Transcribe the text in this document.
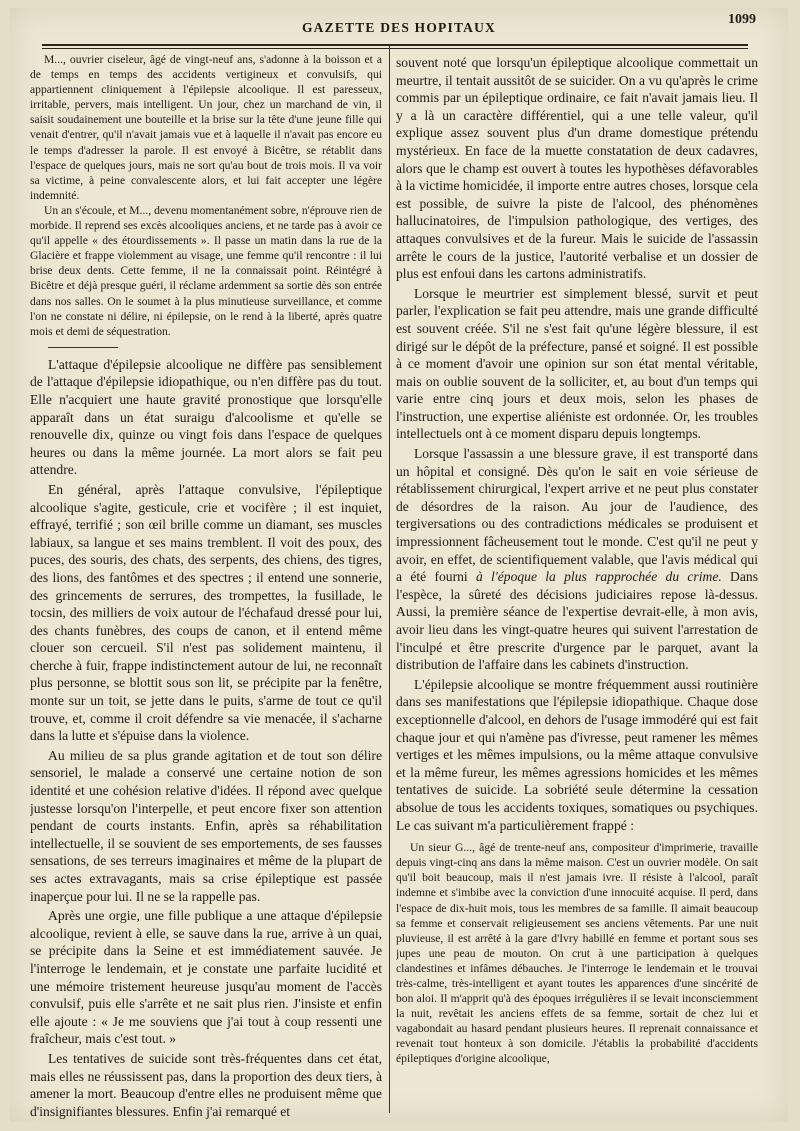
GAZETTE DES HOPITAUX
1099

M..., ouvrier ciseleur, âgé de vingt-neuf ans, s'adonne à la boisson et a de temps en temps des accidents vertigineux et convulsifs, qui appartiennent cliniquement à l'épilepsie alcoolique. Il est paresseux, irritable, pervers, mais intelligent. Un jour, chez un marchand de vin, il saisit soudainement une bouteille et la brise sur la tête d'une jeune fille qui venait d'entrer, qu'il n'avait jamais vue et à laquelle il n'avait pas encore eu le temps d'adresser la parole. Il est envoyé à Bicêtre, se rétablit dans l'espace de quelques jours, mais ne sort qu'au bout de trois mois. Il va voir sa victime, à peine convalescente alors, et lui fait accepter une légère indemnité.

Un an s'écoule, et M..., devenu momentanément sobre, n'éprouve rien de morbide. Il reprend ses excès alcooliques anciens, et ne tarde pas à avoir ce qu'il appelle « des étourdissements ». Il passe un matin dans la rue de la Glacière et frappe violemment au visage, une femme qu'il rencontre : il lui brise deux dents. Cette femme, il ne la connaissait point. Réintégré à Bicêtre et déjà presque guéri, il réclame ardemment sa sortie dès son entrée dans nos salles. On le soumet à la plus minutieuse surveillance, et comme l'on ne constate ni délire, ni épilepsie, on le rend à la liberté, après quatre mois et demi de séquestration.

L'attaque d'épilepsie alcoolique ne diffère pas sensiblement de l'attaque d'épilepsie idiopathique, ou n'en diffère pas du tout. Elle n'acquiert une haute gravité pronostique que lorsqu'elle apparaît dans un état suraigu d'alcoolisme et qu'elle se renouvelle dix, quinze ou vingt fois dans l'espace de quelques heures ou dans la même journée. La mort alors se fait peu attendre.

En général, après l'attaque convulsive, l'épileptique alcoolique s'agite, gesticule, crie et vocifère ; il est inquiet, effrayé, terrifié ; son œil brille comme un diamant, ses muscles labiaux, sa langue et ses mains tremblent. Il voit des poux, des puces, des souris, des chats, des serpents, des chiens, des tigres, des lions, des fantômes et des spectres ; il entend une sonnerie, des grincements de serrures, des trompettes, la fusillade, le tocsin, des milliers de voix autour de l'échafaud dressé pour lui, des chants funèbres, des coups de canon, et il entend même clouer son cercueil. S'il n'est pas solidement maintenu, il cherche à fuir, frappe indistinctement autour de lui, ne reconnaît plus personne, se blottit sous son lit, se précipite par la fenêtre, monte sur un toit, se jette dans le puits, s'arme de tout ce qu'il trouve, et, comme il croit défendre sa vie menacée, il s'acharne dans la lutte et s'épuise dans la violence.

Au milieu de sa plus grande agitation et de tout son délire sensoriel, le malade a conservé une certaine notion de son identité et une cohésion relative d'idées. Il répond avec quelque justesse lorsqu'on l'interpelle, et peut encore fixer son attention pendant de courts instants. Enfin, après sa réhabilitation intellectuelle, il se souvient de ses emportements, de ses fausses sensations, de ses terreurs imaginaires et même de la plupart de ses actes extravagants, mais sa crise épileptique est passée inaperçue pour lui. Il ne se la rappelle pas.

Après une orgie, une fille publique a une attaque d'épilepsie alcoolique, revient à elle, se sauve dans la rue, arrive à un quai, se précipite dans la Seine et est immédiatement sauvée. Je l'interroge le lendemain, et je constate une parfaite lucidité et une mémoire tristement heureuse jusqu'au moment de l'accès convulsif, puis elle s'arrête et ne sait plus rien. J'insiste et enfin elle ajoute : « Je me souviens que j'ai tout à coup ressenti une fraîcheur, mais c'est tout. »

Les tentatives de suicide sont très-fréquentes dans cet état, mais elles ne réussissent pas, dans la proportion des deux tiers, à amener la mort. Beaucoup d'entre elles ne produisent même que d'insignifiantes blessures. Enfin j'ai remarqué et

souvent noté que lorsqu'un épileptique alcoolique commettait un meurtre, il tentait aussitôt de se suicider. On a vu qu'après le crime commis par un épileptique ordinaire, ce fait n'avait jamais lieu. Il y a là un caractère différentiel, qui a une telle valeur, qu'il explique assez souvent plus d'un drame domestique prétendu mystérieux. En face de la muette constatation de deux cadavres, alors que le champ est ouvert à toutes les hypothèses défavorables à la victime homicidée, il importe entre autres choses, lorsque cela est possible, de suivre la piste de l'alcool, des phénomènes hallucinatoires, de l'impulsion pathologique, des vertiges, des attaques convulsives et de la fureur. Mais le suicide de l'assassin arrête le cours de la justice, l'autorité verbalise et un dossier de plus est enfoui dans les cartons administratifs.

Lorsque le meurtrier est simplement blessé, survit et peut parler, l'explication se fait peu attendre, mais une grande difficulté est souvent créée. S'il ne s'est fait qu'une légère blessure, il est dirigé sur le dépôt de la préfecture, pansé et soigné. Il est possible à ce moment d'avoir une opinion sur son état mental véritable, mais on oublie souvent de la solliciter, et, au bout d'un temps qui varie entre cinq jours et deux mois, selon les phases de l'instruction, une expertise aliéniste est ordonnée. Or, les troubles intellectuels ont à ce moment disparu depuis longtemps.

Lorsque l'assassin a une blessure grave, il est transporté dans un hôpital et consigné. Dès qu'on le sait en voie sérieuse de rétablissement chirurgical, l'expert arrive et ne peut plus constater de désordres de la raison. Au jour de l'audience, des tergiversations ou des contradictions médicales se produisent et impressionnent fâcheusement tout le monde. C'est qu'il ne peut y avoir, en effet, de scientifiquement valable, que l'avis médical qui a été fourni à l'époque la plus rapprochée du crime. Dans l'espèce, la sûreté des décisions judiciaires repose là-dessus. Aussi, la première séance de l'expertise devrait-elle, à mon avis, avoir lieu dans les vingt-quatre heures qui suivent l'arrestation de l'inculpé et être prescrite d'urgence par le parquet, avant la distribution de l'affaire dans les cabinets d'instruction.

L'épilepsie alcoolique se montre fréquemment aussi routinière dans ses manifestations que l'épilepsie idiopathique. Chaque dose exceptionnelle d'alcool, en dehors de l'usage immodéré qui est fait chaque jour et qui n'amène pas d'ivresse, peut ramener les mêmes vertiges et les mêmes impulsions, ou la même attaque convulsive et la même fureur, les mêmes agressions homicides et les mêmes tentatives de suicide. La sobriété seule détermine la cessation absolue de tous les accidents toxiques, somatiques ou psychiques. Le cas suivant m'a particulièrement frappé :

Un sieur G..., âgé de trente-neuf ans, compositeur d'imprimerie, travaille depuis vingt-cinq ans dans la même maison. C'est un ouvrier modèle. On sait qu'il boit beaucoup, mais il n'est jamais ivre. Il résiste à l'alcool, paraît indemne et s'imbibe avec la conviction d'une innocuité acquise. Il perd, dans l'espace de dix-huit mois, tous les membres de sa famille. Il aimait beaucoup sa femme et conservait religieusement ses anciens vêtements. Par une nuit pluvieuse, il est arrêté à la gare d'Ivry habillé en femme et portant sous ses jupes une peau de mouton. On crut à une participation à quelques clandestines et infâmes débauches. Je l'interroge le lendemain et le trouvai très-calme, très-intelligent et ayant toutes les apparences d'une sincérité de bon aloi. Il m'apprit qu'à des époques irrégulières il se levait inconsciemment la nuit, revêtait les anciens effets de sa femme, sortait de chez lui et vagabondait au hasard pendant plusieurs heures. Il reprenait connaissance et revenait tout honteux à son domicile. J'établis la probabilité d'accidents épileptiques d'origine alcoolique,
